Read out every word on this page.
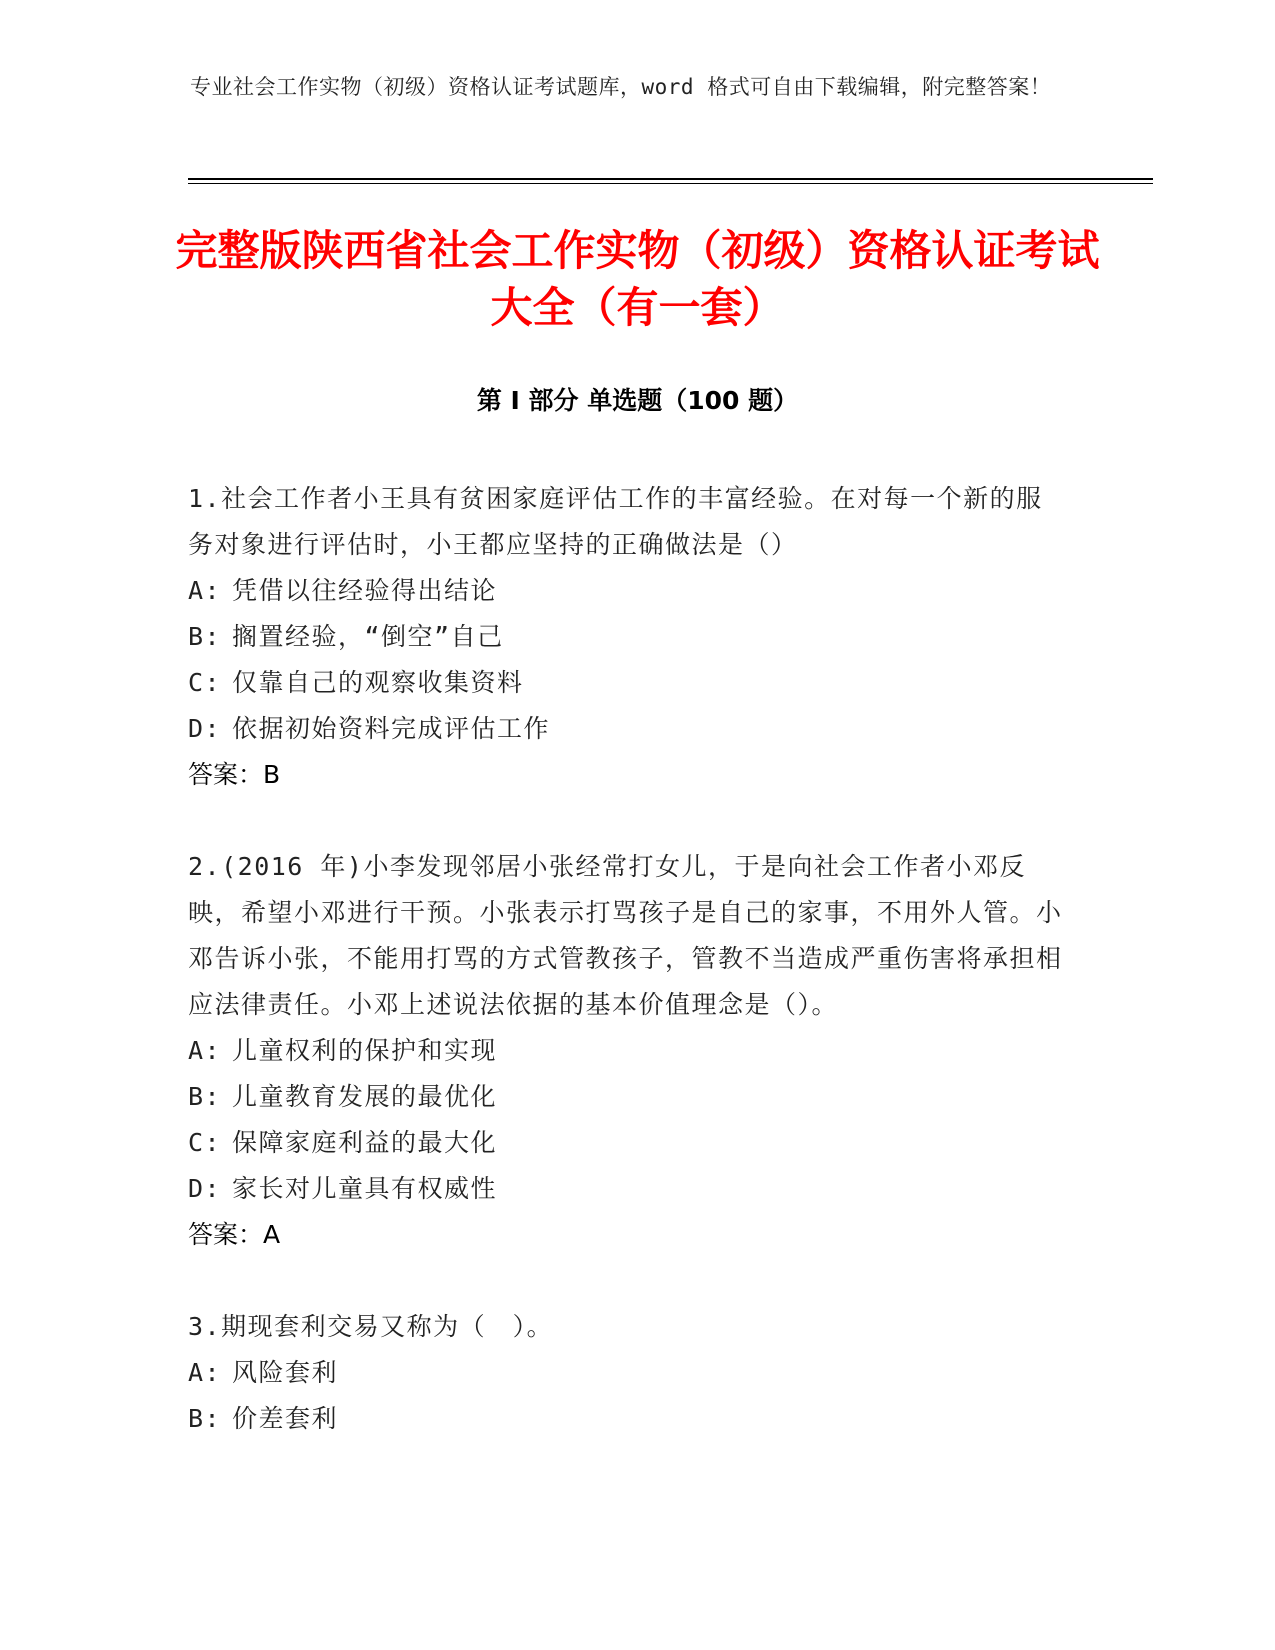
专业社会工作实物（初级）资格认证考试题库，word 格式可自由下载编辑，附完整答案！
完整版陕西省社会工作实物（初级）资格认证考试大全（有一套）
第 I 部分 单选题（100 题）

1.社会工作者小王具有贫困家庭评估工作的丰富经验。在对每一个新的服务对象进行评估时，小王都应坚持的正确做法是（）

A: 凭借以往经验得出结论

B: 搁置经验，“倒空”自己

C: 仅靠自己的观察收集资料

D: 依据初始资料完成评估工作

答案：B

2.(2016 年)小李发现邻居小张经常打女儿，于是向社会工作者小邓反映，希望小邓进行干预。小张表示打骂孩子是自己的家事，不用外人管。小邓告诉小张，不能用打骂的方式管教孩子，管教不当造成严重伤害将承担相应法律责任。小邓上述说法依据的基本价值理念是（）。

A: 儿童权利的保护和实现

B: 儿童教育发展的最优化

C: 保障家庭利益的最大化

D: 家长对儿童具有权威性

答案：A

3.期现套利交易又称为（　）。

A: 风险套利

B: 价差套利
